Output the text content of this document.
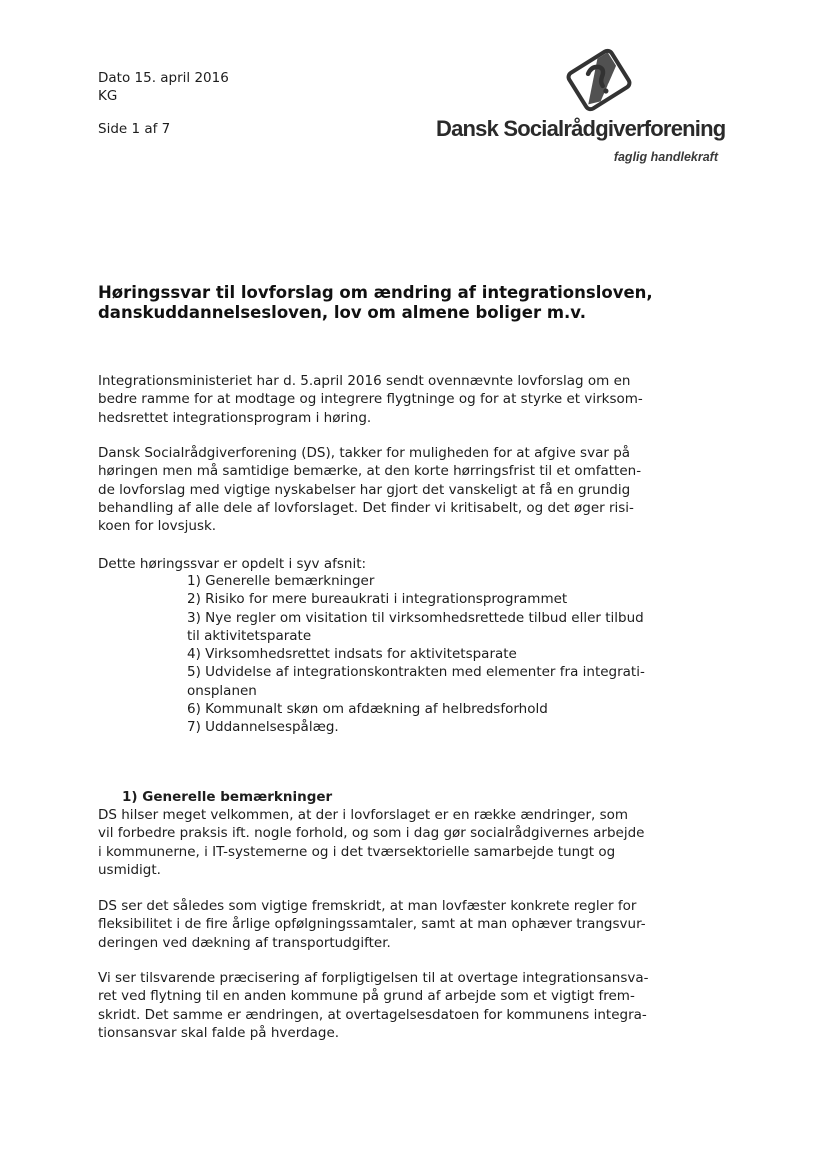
Dato 15. april 2016
KG
Side 1 af 7	Dansk Socialrådgiverforening
faglig handlekraft
Høringssvar til lovforslag om ændring af integrationsloven,
danskuddannelsesloven, lov om almene boliger m.v.
Integrationsministeriet har d. 5.april 2016 sendt ovennævnte lovforslag om en
bedre ramme for at modtage og integrere flygtninge og for at styrke et virksom-
hedsrettet integrationsprogram i høring.
Dansk Socialrådgiverforening (DS), takker for muligheden for at afgive svar på
høringen men må samtidige bemærke, at den korte hørringsfrist til et omfatten-
de lovforslag med vigtige nyskabelser har gjort det vanskeligt at få en grundig
behandling af alle dele af lovforslaget. Det finder vi kritisabelt, og det øger risi-
koen for lovsjusk.
Dette høringssvar er opdelt i syv afsnit:
1) Generelle bemærkninger
2) Risiko for mere bureaukrati i integrationsprogrammet
3) Nye regler om visitation til virksomhedsrettede tilbud eller tilbud
til aktivitetsparate
4) Virksomhedsrettet indsats for aktivitetsparate
5) Udvidelse af integrationskontrakten med elementer fra integrati-
onsplanen
6) Kommunalt skøn om afdækning af helbredsforhold
7) Uddannelsespålæg.
1) Generelle bemærkninger
DS hilser meget velkommen, at der i lovforslaget er en række ændringer, som
vil forbedre praksis ift. nogle forhold, og som i dag gør socialrådgivernes arbejde
i kommunerne, i IT-systemerne og i det tværsektorielle samarbejde tungt og
usmidigt.
DS ser det således som vigtige fremskridt, at man lovfæster konkrete regler for
fleksibilitet i de fire årlige opfølgningssamtaler, samt at man ophæver trangsvur-
deringen ved dækning af transportudgifter.
Vi ser tilsvarende præcisering af forpligtigelsen til at overtage integrationsansva-
ret ved flytning til en anden kommune på grund af arbejde som et vigtigt frem-
skridt. Det samme er ændringen, at overtagelsesdatoen for kommunens integra-
tionsansvar skal falde på hverdage.
